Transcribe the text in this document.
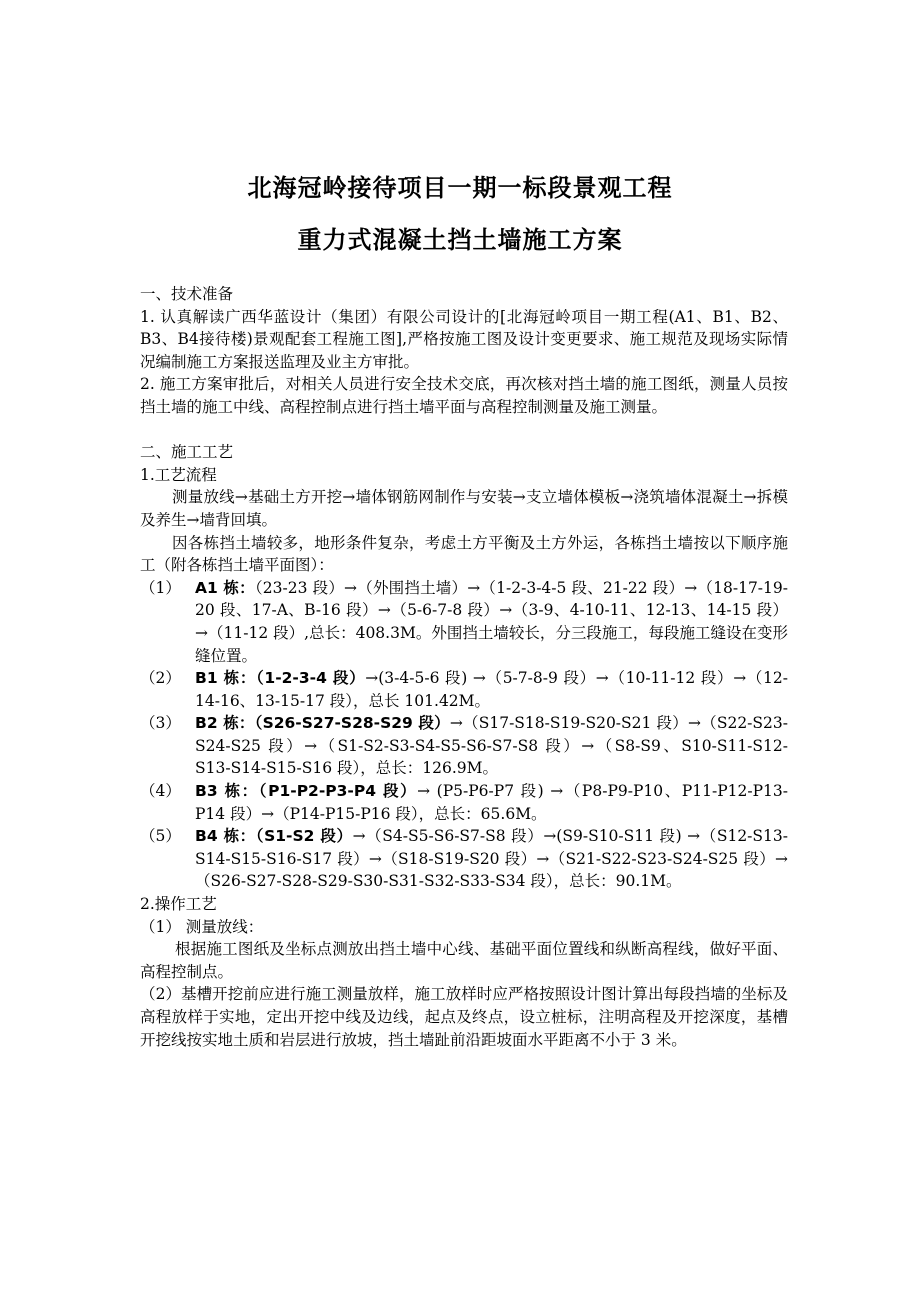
北海冠岭接待项目一期一标段景观工程
重力式混凝土挡土墙施工方案

一、技术准备

1. 认真解读广西华蓝设计（集团）有限公司设计的[北海冠岭项目一期工程(A1、B1、B2、B3、B4接待楼)景观配套工程施工图],严格按施工图及设计变更要求、施工规范及现场实际情况编制施工方案报送监理及业主方审批。

2. 施工方案审批后，对相关人员进行安全技术交底，再次核对挡土墙的施工图纸，测量人员按挡土墙的施工中线、高程控制点进行挡土墙平面与高程控制测量及施工测量。

二、施工工艺

1.工艺流程

测量放线→基础土方开挖→墙体钢筋网制作与安装→支立墙体模板→浇筑墙体混凝土→拆模及养生→墙背回填。

因各栋挡土墙较多，地形条件复杂，考虑土方平衡及土方外运，各栋挡土墙按以下顺序施工（附各栋挡土墙平面图）：

（1） A1 栋：（23-23 段）→（外围挡土墙）→（1-2-3-4-5 段、21-22 段）→（18-17-19-20 段、17-A、B-16 段）→（5-6-7-8 段）→（3-9、4-10-11、12-13、14-15 段）→（11-12 段）,总长：408.3M。外围挡土墙较长，分三段施工，每段施工缝设在变形缝位置。
（2） B1 栋：（1-2-3-4 段）→(3-4-5-6 段) →（5-7-8-9 段）→（10-11-12 段）→（12-14-16、13-15-17 段），总长 101.42M。
（3） B2 栋：（S26-S27-S28-S29 段）→（S17-S18-S19-S20-S21 段）→（S22-S23-S24-S25 段）→（S1-S2-S3-S4-S5-S6-S7-S8 段）→（S8-S9、S10-S11-S12-S13-S14-S15-S16 段），总长：126.9M。
（4） B3 栋：（P1-P2-P3-P4 段）→ (P5-P6-P7 段) →（P8-P9-P10、P11-P12-P13-P14 段）→（P14-P15-P16 段），总长：65.6M。
（5） B4 栋：（S1-S2 段）→（S4-S5-S6-S7-S8 段）→(S9-S10-S11 段) →（S12-S13-S14-S15-S16-S17 段）→（S18-S19-S20 段）→（S21-S22-S23-S24-S25 段）→（S26-S27-S28-S29-S30-S31-S32-S33-S34 段），总长：90.1M。

2.操作工艺

（1） 测量放线：

根据施工图纸及坐标点测放出挡土墙中心线、基础平面位置线和纵断高程线，做好平面、高程控制点。

（2）基槽开挖前应进行施工测量放样，施工放样时应严格按照设计图计算出每段挡墙的坐标及高程放样于实地，定出开挖中线及边线，起点及终点，设立桩标，注明高程及开挖深度，基槽开挖线按实地土质和岩层进行放坡，挡土墙趾前沿距坡面水平距离不小于 3 米。
